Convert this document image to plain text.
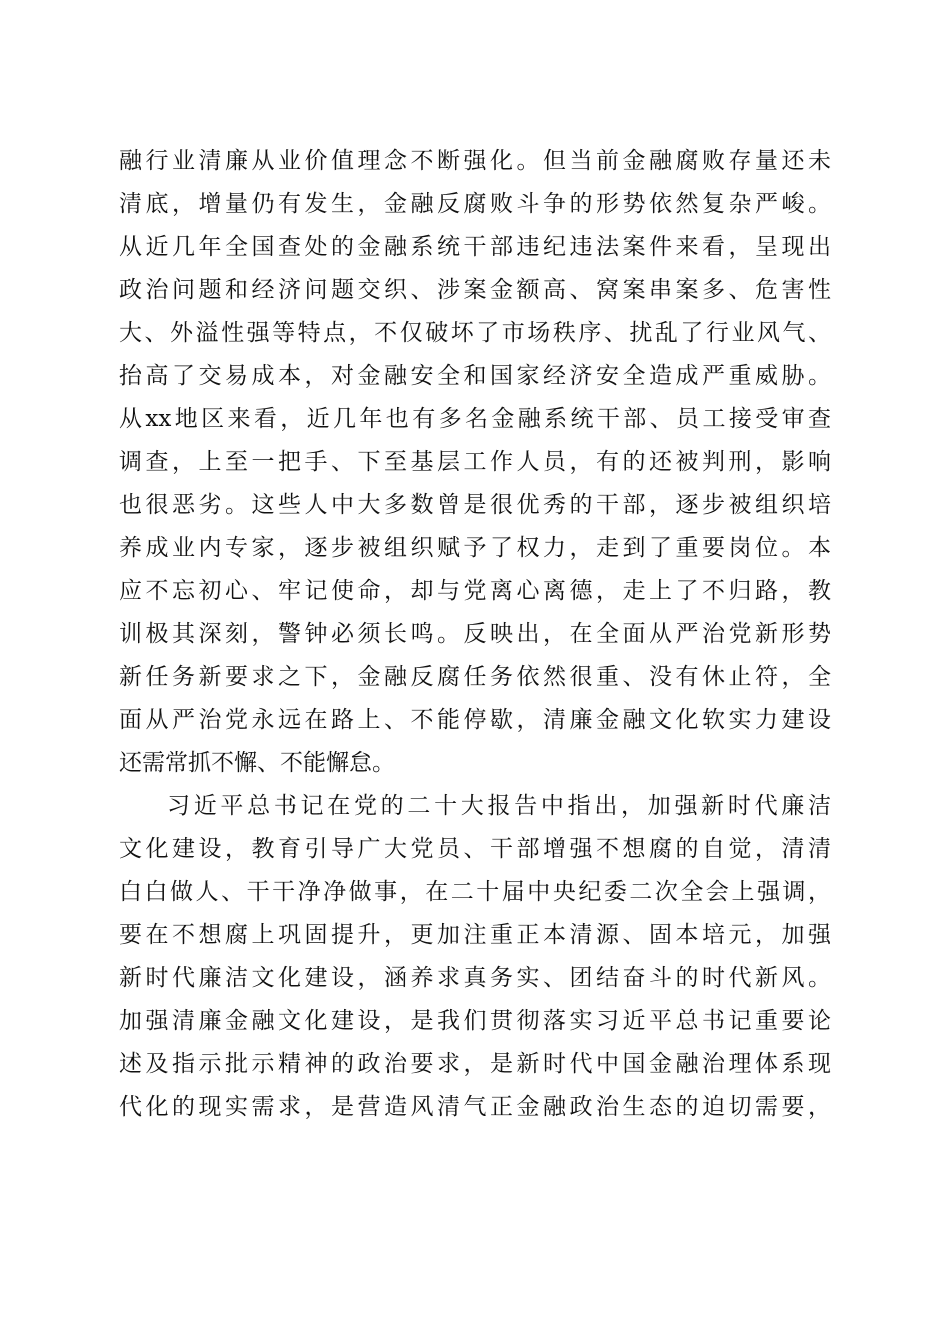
融行业清廉从业价值理念不断强化。但当前金融腐败存量还未
清底，增量仍有发生，金融反腐败斗争的形势依然复杂严峻。
从近几年全国查处的金融系统干部违纪违法案件来看，呈现出
政治问题和经济问题交织、涉案金额高、窝案串案多、危害性
大、外溢性强等特点，不仅破坏了市场秩序、扰乱了行业风气、
抬高了交易成本，对金融安全和国家经济安全造成严重威胁。
从xx地区来看，近几年也有多名金融系统干部、员工接受审查
调查，上至一把手、下至基层工作人员，有的还被判刑，影响
也很恶劣。这些人中大多数曾是很优秀的干部，逐步被组织培
养成业内专家，逐步被组织赋予了权力，走到了重要岗位。本
应不忘初心、牢记使命，却与党离心离德，走上了不归路，教
训极其深刻，警钟必须长鸣。反映出，在全面从严治党新形势
新任务新要求之下，金融反腐任务依然很重、没有休止符，全
面从严治党永远在路上、不能停歇，清廉金融文化软实力建设
还需常抓不懈、不能懈怠。
习近平总书记在党的二十大报告中指出，加强新时代廉洁
文化建设，教育引导广大党员、干部增强不想腐的自觉，清清
白白做人、干干净净做事，在二十届中央纪委二次全会上强调，
要在不想腐上巩固提升，更加注重正本清源、固本培元，加强
新时代廉洁文化建设，涵养求真务实、团结奋斗的时代新风。
加强清廉金融文化建设，是我们贯彻落实习近平总书记重要论
述及指示批示精神的政治要求，是新时代中国金融治理体系现
代化的现实需求，是营造风清气正金融政治生态的迫切需要，
